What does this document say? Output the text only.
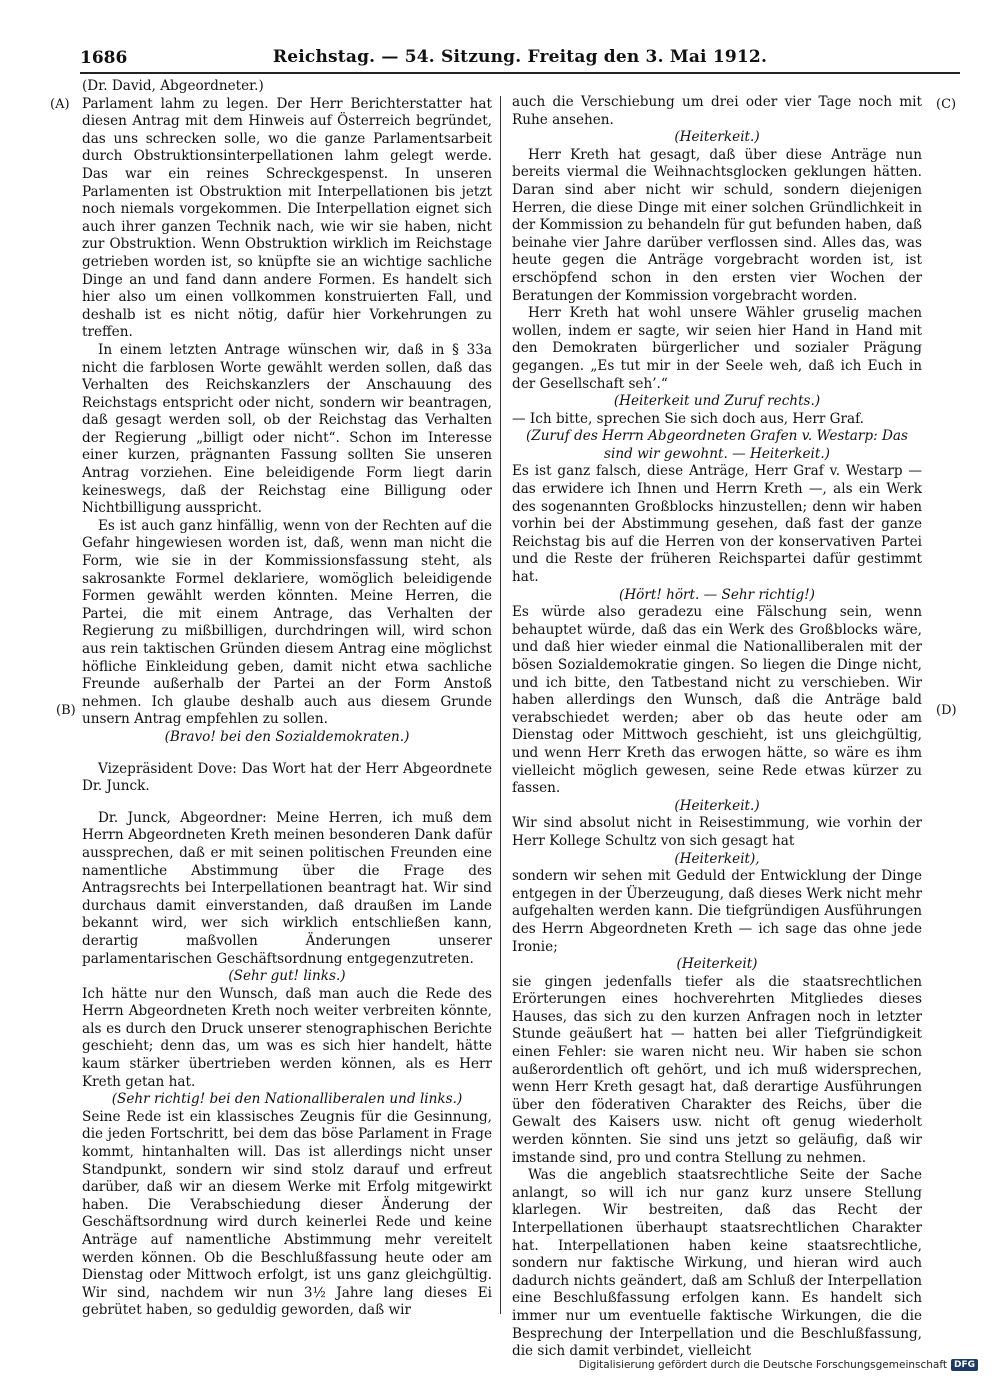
1686	Reichstag. — 54. Sitzung. Freitag den 3. Mai 1912.
(A)
(B)
(C)
(D)

(Dr. David, Abgeordneter.)

Parlament lahm zu legen. Der Herr Berichterstatter hat diesen Antrag mit dem Hinweis auf Österreich begründet, das uns schrecken solle, wo die ganze Parlamentsarbeit durch Obstruktionsinterpellationen lahm gelegt werde. Das war ein reines Schreckgespenst. In unseren Parlamenten ist Obstruktion mit Interpellationen bis jetzt noch niemals vorgekommen. Die Interpellation eignet sich auch ihrer ganzen Technik nach, wie wir sie haben, nicht zur Obstruktion. Wenn Obstruktion wirklich im Reichstage getrieben worden ist, so knüpfte sie an wichtige sachliche Dinge an und fand dann andere Formen. Es handelt sich hier also um einen vollkommen konstruierten Fall, und deshalb ist es nicht nötig, dafür hier Vorkehrungen zu treffen.

In einem letzten Antrage wünschen wir, daß in § 33a nicht die farblosen Worte gewählt werden sollen, daß das Verhalten des Reichskanzlers der Anschauung des Reichstags entspricht oder nicht, sondern wir beantragen, daß gesagt werden soll, ob der Reichstag das Verhalten der Regierung „billigt oder nicht“. Schon im Interesse einer kurzen, prägnanten Fassung sollten Sie unseren Antrag vorziehen. Eine beleidigende Form liegt darin keineswegs, daß der Reichstag eine Billigung oder Nichtbilligung ausspricht.

Es ist auch ganz hinfällig, wenn von der Rechten auf die Gefahr hingewiesen worden ist, daß, wenn man nicht die Form, wie sie in der Kommissionsfassung steht, als sakrosankte Formel deklariere, womöglich beleidigende Formen gewählt werden könnten. Meine Herren, die Partei, die mit einem Antrage, das Verhalten der Regierung zu mißbilligen, durchdringen will, wird schon aus rein taktischen Gründen diesem Antrag eine möglichst höfliche Einkleidung geben, damit nicht etwa sachliche Freunde außerhalb der Partei an der Form Anstoß nehmen. Ich glaube deshalb auch aus diesem Grunde unsern Antrag empfehlen zu sollen.

(Bravo! bei den Sozialdemokraten.)

Vizepräsident Dove: Das Wort hat der Herr Abgeordnete Dr. Junck.

Dr. Junck, Abgeordner: Meine Herren, ich muß dem Herrn Abgeordneten Kreth meinen besonderen Dank dafür aussprechen, daß er mit seinen politischen Freunden eine namentliche Abstimmung über die Frage des Antragsrechts bei Interpellationen beantragt hat. Wir sind durchaus damit einverstanden, daß draußen im Lande bekannt wird, wer sich wirklich entschließen kann, derartig maßvollen Änderungen unserer parlamentarischen Geschäftsordnung entgegenzutreten.

(Sehr gut! links.)

Ich hätte nur den Wunsch, daß man auch die Rede des Herrn Abgeordneten Kreth noch weiter verbreiten könnte, als es durch den Druck unserer stenographischen Berichte geschieht; denn das, um was es sich hier handelt, hätte kaum stärker übertrieben werden können, als es Herr Kreth getan hat.

(Sehr richtig! bei den Nationalliberalen und links.)

Seine Rede ist ein klassisches Zeugnis für die Gesinnung, die jeden Fortschritt, bei dem das böse Parlament in Frage kommt, hintanhalten will. Das ist allerdings nicht unser Standpunkt, sondern wir sind stolz darauf und erfreut darüber, daß wir an diesem Werke mit Erfolg mitgewirkt haben. Die Verabschiedung dieser Änderung der Geschäftsordnung wird durch keinerlei Rede und keine Anträge auf namentliche Abstimmung mehr vereitelt werden können. Ob die Beschlußfassung heute oder am Dienstag oder Mittwoch erfolgt, ist uns ganz gleichgültig. Wir sind, nachdem wir nun 3½ Jahre lang dieses Ei gebrütet haben, so geduldig geworden, daß wir

auch die Verschiebung um drei oder vier Tage noch mit Ruhe ansehen.

(Heiterkeit.)

Herr Kreth hat gesagt, daß über diese Anträge nun bereits viermal die Weihnachtsglocken geklungen hätten. Daran sind aber nicht wir schuld, sondern diejenigen Herren, die diese Dinge mit einer solchen Gründlichkeit in der Kommission zu behandeln für gut befunden haben, daß beinahe vier Jahre darüber verflossen sind. Alles das, was heute gegen die Anträge vorgebracht worden ist, ist erschöpfend schon in den ersten vier Wochen der Beratungen der Kommission vorgebracht worden.

Herr Kreth hat wohl unsere Wähler gruselig machen wollen, indem er sagte, wir seien hier Hand in Hand mit den Demokraten bürgerlicher und sozialer Prägung gegangen. „Es tut mir in der Seele weh, daß ich Euch in der Gesellschaft seh’.“

(Heiterkeit und Zuruf rechts.)

— Ich bitte, sprechen Sie sich doch aus, Herr Graf.

(Zuruf des Herrn Abgeordneten Grafen v. Westarp: Das sind wir gewohnt. — Heiterkeit.)

Es ist ganz falsch, diese Anträge, Herr Graf v. Westarp — das erwidere ich Ihnen und Herrn Kreth —, als ein Werk des sogenannten Großblocks hinzustellen; denn wir haben vorhin bei der Abstimmung gesehen, daß fast der ganze Reichstag bis auf die Herren von der konservativen Partei und die Reste der früheren Reichspartei dafür gestimmt hat.

(Hört! hört. — Sehr richtig!)

Es würde also geradezu eine Fälschung sein, wenn behauptet würde, daß das ein Werk des Großblocks wäre, und daß hier wieder einmal die Nationalliberalen mit der bösen Sozialdemokratie gingen. So liegen die Dinge nicht, und ich bitte, den Tatbestand nicht zu verschieben. Wir haben allerdings den Wunsch, daß die Anträge bald verabschiedet werden; aber ob das heute oder am Dienstag oder Mittwoch geschieht, ist uns gleichgültig, und wenn Herr Kreth das erwogen hätte, so wäre es ihm vielleicht möglich gewesen, seine Rede etwas kürzer zu fassen.

(Heiterkeit.)

Wir sind absolut nicht in Reisestimmung, wie vorhin der Herr Kollege Schultz von sich gesagt hat

(Heiterkeit),

sondern wir sehen mit Geduld der Entwicklung der Dinge entgegen in der Überzeugung, daß dieses Werk nicht mehr aufgehalten werden kann. Die tiefgründigen Ausführungen des Herrn Abgeordneten Kreth — ich sage das ohne jede Ironie;

(Heiterkeit)

sie gingen jedenfalls tiefer als die staatsrechtlichen Erörterungen eines hochverehrten Mitgliedes dieses Hauses, das sich zu den kurzen Anfragen noch in letzter Stunde geäußert hat — hatten bei aller Tiefgründigkeit einen Fehler: sie waren nicht neu. Wir haben sie schon außerordentlich oft gehört, und ich muß widersprechen, wenn Herr Kreth gesagt hat, daß derartige Ausführungen über den föderativen Charakter des Reichs, über die Gewalt des Kaisers usw. nicht oft genug wiederholt werden könnten. Sie sind uns jetzt so geläufig, daß wir imstande sind, pro und contra Stellung zu nehmen.

Was die angeblich staatsrechtliche Seite der Sache anlangt, so will ich nur ganz kurz unsere Stellung klarlegen. Wir bestreiten, daß das Recht der Interpellationen überhaupt staatsrechtlichen Charakter hat. Interpellationen haben keine staatsrechtliche, sondern nur faktische Wirkung, und hieran wird auch dadurch nichts geändert, daß am Schluß der Interpellation eine Beschlußfassung erfolgen kann. Es handelt sich immer nur um eventuelle faktische Wirkungen, die die Besprechung der Interpellation und die Beschlußfassung, die sich damit verbindet, vielleicht

Digitalisierung gefördert durch die Deutsche Forschungsgemeinschaft DFG
